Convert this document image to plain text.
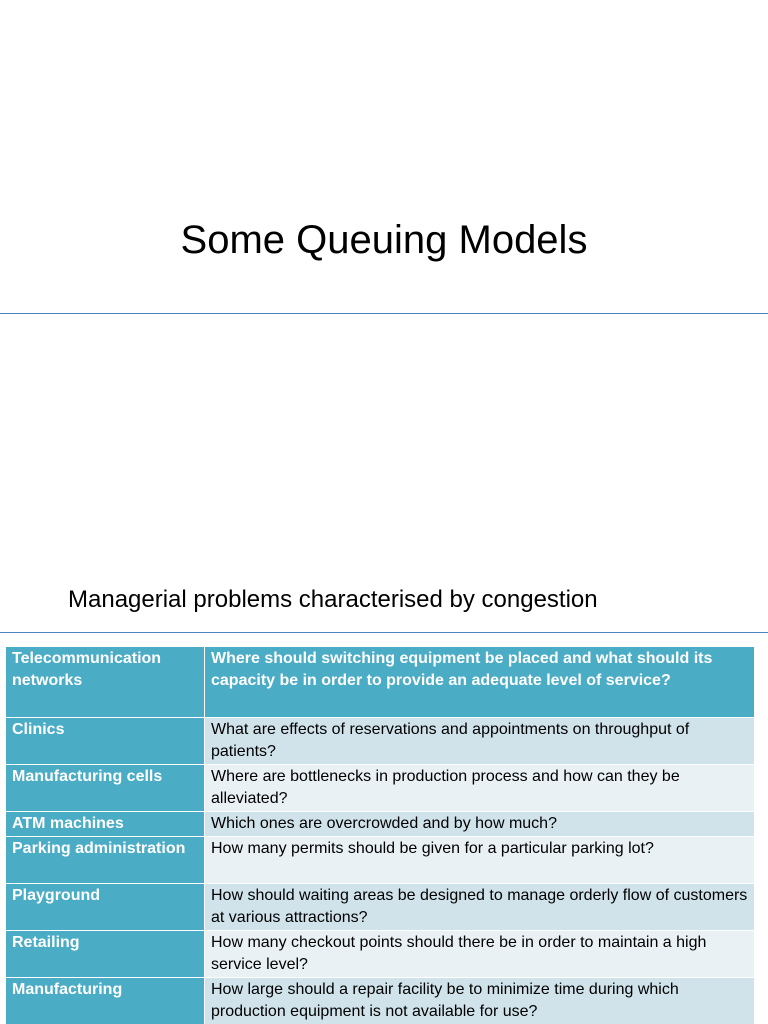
Some Queuing Models
Managerial problems characterised by congestion
Telecommunication networks	Where should switching equipment be placed and what should its capacity be in order to provide an adequate level of service?
Clinics	What are effects of reservations and appointments on throughput of patients?
Manufacturing cells	Where are bottlenecks in production process and how can they be alleviated?
ATM machines	Which ones are overcrowded and by how much?
Parking administration	How many permits should be given for a particular parking lot?
Playground	How should waiting areas be designed to manage orderly flow of customers at various attractions?
Retailing	How many checkout points should there be in order to maintain a high service level?
Manufacturing	How large should a repair facility be to minimize time during which production equipment is not available for use?
